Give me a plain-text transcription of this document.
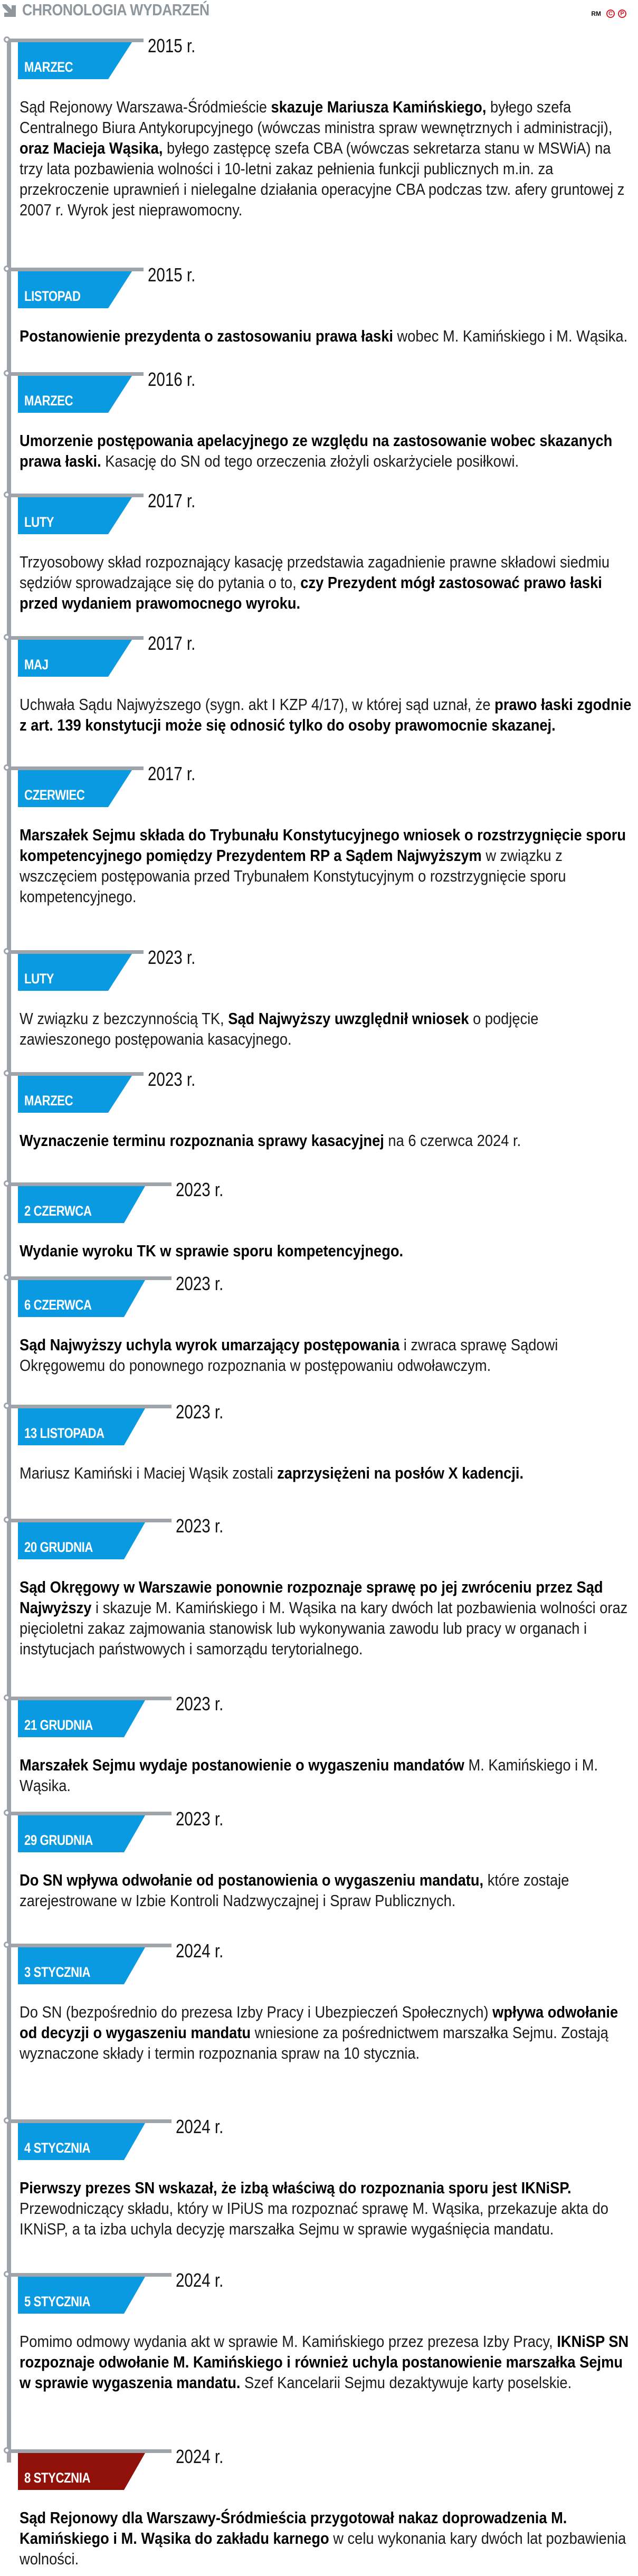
CHRONOLOGIA WYDARZEŃ	RM	C	P
MARZEC
2015 r.
Sąd Rejonowy Warszawa-Śródmieście skazuje Mariusza Kamińskiego, byłego szefa Centralnego Biura Antykorupcyjnego (wówczas ministra spraw wewnętrznych i administracji), oraz Macieja Wąsika, byłego zastępcę szefa CBA (wówczas sekretarza stanu w MSWiA) na trzy lata pozbawienia wolności i 10-letni zakaz pełnienia funkcji publicznych m.in. za przekroczenie uprawnień i nielegalne działania operacyjne CBA podczas tzw. afery gruntowej z 2007 r. Wyrok jest nieprawomocny.
LISTOPAD
2015 r.
Postanowienie prezydenta o zastosowaniu prawa łaski wobec M. Kamińskiego i M. Wąsika.
MARZEC
2016 r.
Umorzenie postępowania apelacyjnego ze względu na zastosowanie wobec skazanych prawa łaski. Kasację do SN od tego orzeczenia złożyli oskarżyciele posiłkowi.
LUTY
2017 r.
Trzyosobowy skład rozpoznający kasację przedstawia zagadnienie prawne składowi siedmiu sędziów sprowadzające się do pytania o to, czy Prezydent mógł zastosować prawo łaski przed wydaniem prawomocnego wyroku.
MAJ
2017 r.
Uchwała Sądu Najwyższego (sygn. akt I KZP 4/17), w której sąd uznał, że prawo łaski zgodnie z art. 139 konstytucji może się odnosić tylko do osoby prawomocnie skazanej.
CZERWIEC
2017 r.
Marszałek Sejmu składa do Trybunału Konstytucyjnego wniosek o rozstrzygnięcie sporu kompetencyjnego pomiędzy Prezydentem RP a Sądem Najwyższym w związku z wszczęciem postępowania przed Trybunałem Konstytucyjnym o rozstrzygnięcie sporu kompetencyjnego.
LUTY
2023 r.
W związku z bezczynnością TK, Sąd Najwyższy uwzględnił wniosek o podjęcie zawieszonego postępowania kasacyjnego.
MARZEC
2023 r.
Wyznaczenie terminu rozpoznania sprawy kasacyjnej na 6 czerwca 2024 r.
2 CZERWCA
2023 r.
Wydanie wyroku TK w sprawie sporu kompetencyjnego.
6 CZERWCA
2023 r.
Sąd Najwyższy uchyla wyrok umarzający postępowania i zwraca sprawę Sądowi Okręgowemu do ponownego rozpoznania w postępowaniu odwoławczym.
13 LISTOPADA
2023 r.
Mariusz Kamiński i Maciej Wąsik zostali zaprzysiężeni na posłów X kadencji.
20 GRUDNIA
2023 r.
Sąd Okręgowy w Warszawie ponownie rozpoznaje sprawę po jej zwróceniu przez Sąd Najwyższy i skazuje M. Kamińskiego i M. Wąsika na kary dwóch lat pozbawienia wolności oraz pięcioletni zakaz zajmowania stanowisk lub wykonywania zawodu lub pracy w organach i instytucjach państwowych i samorządu terytorialnego.
21 GRUDNIA
2023 r.
Marszałek Sejmu wydaje postanowienie o wygaszeniu mandatów M. Kamińskiego i M. Wąsika.
29 GRUDNIA
2023 r.
Do SN wpływa odwołanie od postanowienia o wygaszeniu mandatu, które zostaje zarejestrowane w Izbie Kontroli Nadzwyczajnej i Spraw Publicznych.
3 STYCZNIA
2024 r.
Do SN (bezpośrednio do prezesa Izby Pracy i Ubezpieczeń Społecznych) wpływa odwołanie od decyzji o wygaszeniu mandatu wniesione za pośrednictwem marszałka Sejmu. Zostają wyznaczone składy i termin rozpoznania spraw na 10 stycznia.
4 STYCZNIA
2024 r.
Pierwszy prezes SN wskazał, że izbą właściwą do rozpoznania sporu jest IKNiSP. Przewodniczący składu, który w IPiUS ma rozpoznać sprawę M. Wąsika, przekazuje akta do IKNiSP, a ta izba uchyla decyzję marszałka Sejmu w sprawie wygaśnięcia mandatu.
5 STYCZNIA
2024 r.
Pomimo odmowy wydania akt w sprawie M. Kamińskiego przez prezesa Izby Pracy, IKNiSP SN rozpoznaje odwołanie M. Kamińskiego i również uchyla postanowienie marszałka Sejmu w sprawie wygaszenia mandatu. Szef Kancelarii Sejmu dezaktywuje karty poselskie.
8 STYCZNIA
2024 r.
Sąd Rejonowy dla Warszawy-Śródmieścia przygotował nakaz doprowadzenia M. Kamińskiego i M. Wąsika do zakładu karnego w celu wykonania kary dwóch lat pozbawienia wolności.
